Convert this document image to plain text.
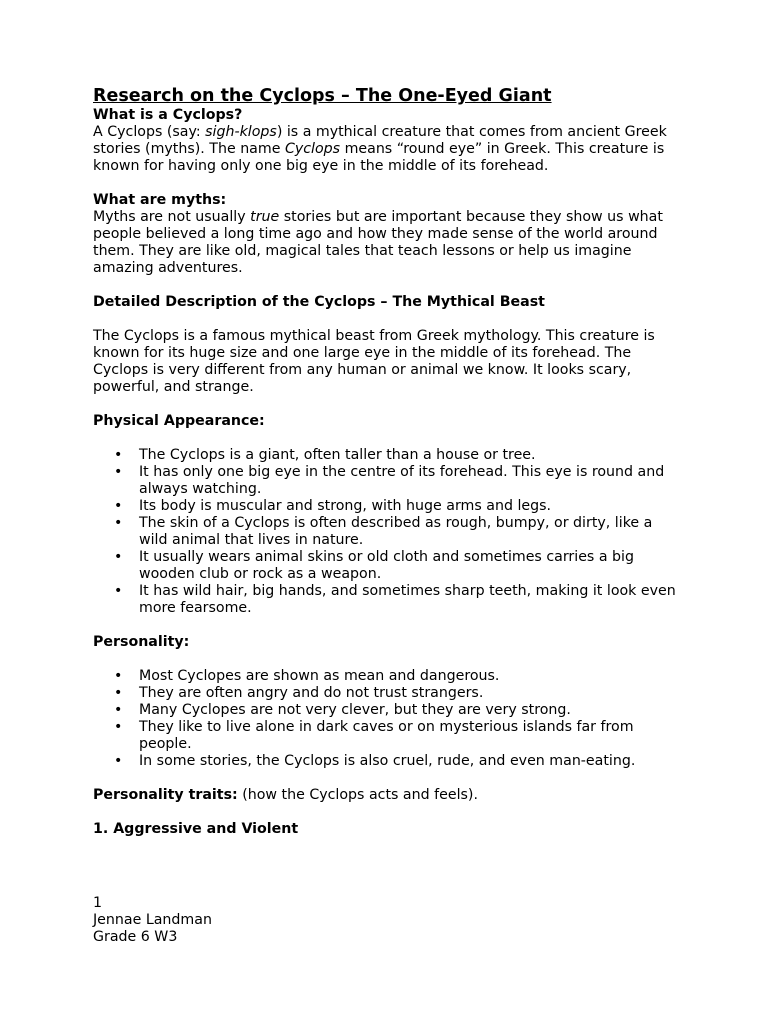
Research on the Cyclops – The One-Eyed Giant

What is a Cyclops?

A Cyclops (say: sigh-klops) is a mythical creature that comes from ancient Greek stories (myths). The name Cyclops means “round eye” in Greek. This creature is known for having only one big eye in the middle of its forehead.

What are myths:

Myths are not usually true stories but are important because they show us what people believed a long time ago and how they made sense of the world around them. They are like old, magical tales that teach lessons or help us imagine amazing adventures.

Detailed Description of the Cyclops – The Mythical Beast

The Cyclops is a famous mythical beast from Greek mythology. This creature is known for its huge size and one large eye in the middle of its forehead. The Cyclops is very different from any human or animal we know. It looks scary, powerful, and strange.

Physical Appearance:

• The Cyclops is a giant, often taller than a house or tree.
• It has only one big eye in the centre of its forehead. This eye is round and always watching.
• Its body is muscular and strong, with huge arms and legs.
• The skin of a Cyclops is often described as rough, bumpy, or dirty, like a wild animal that lives in nature.
• It usually wears animal skins or old cloth and sometimes carries a big wooden club or rock as a weapon.
• It has wild hair, big hands, and sometimes sharp teeth, making it look even more fearsome.

Personality:

• Most Cyclopes are shown as mean and dangerous.
• They are often angry and do not trust strangers.
• Many Cyclopes are not very clever, but they are very strong.
• They like to live alone in dark caves or on mysterious islands far from people.
• In some stories, the Cyclops is also cruel, rude, and even man-eating.

Personality traits: (how the Cyclops acts and feels).

1. Aggressive and Violent

1
Jennae Landman
Grade 6 W3
